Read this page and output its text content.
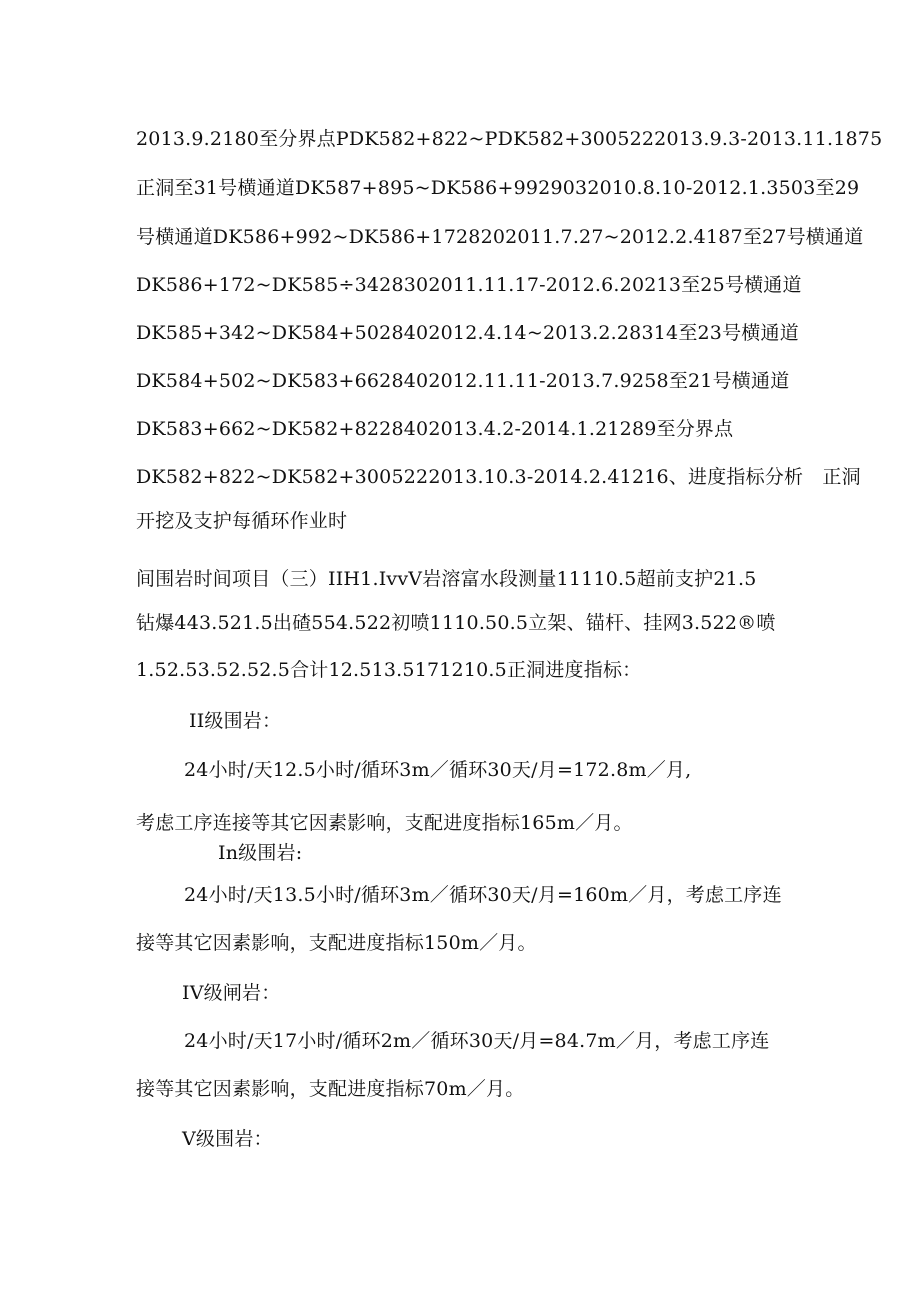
2013.9.2180至分界点PDK582+822~PDK582+3005222013.9.3-2013.11.1875
正洞至31号横通道DK587+895~DK586+9929032010.8.10-2012.1.3503至29
号横通道DK586+992~DK586+1728202011.7.27~2012.2.4187至27号横通道
DK586+172~DK585÷3428302011.11.17-2012.6.20213至25号横通道
DK585+342~DK584+5028402012.4.14~2013.2.28314至23号横通道
DK584+502~DK583+6628402012.11.11-2013.7.9258至21号横通道
DK583+662~DK582+8228402013.4.2-2014.1.21289至分界点
DK582+822~DK582+3005222013.10.3-2014.2.41216、进度指标分析　正洞
开挖及支护每循环作业时
间围岩时间项目（三）IIH1.IvvV岩溶富水段测量11110.5超前支护21.5
钻爆443.521.5出碴554.522初喷1110.50.5立架、锚杆、挂网3.522®喷
1.52.53.52.52.5合计12.513.5171210.5正洞进度指标：
II级围岩：
24小时/天12.5小时/循环3m／循环30天/月=172.8m／月,
考虑工序连接等其它因素影响，支配进度指标165m／月。
In级围岩:
24小时/天13.5小时/循环3m／循环30天/月=160m／月，考虑工序连
接等其它因素影响，支配进度指标150m／月。
IV级闸岩：
24小时/天17小时/循环2m／循环30天/月=84.7m／月，考虑工序连
接等其它因素影响，支配进度指标70m／月。
V级围岩：
